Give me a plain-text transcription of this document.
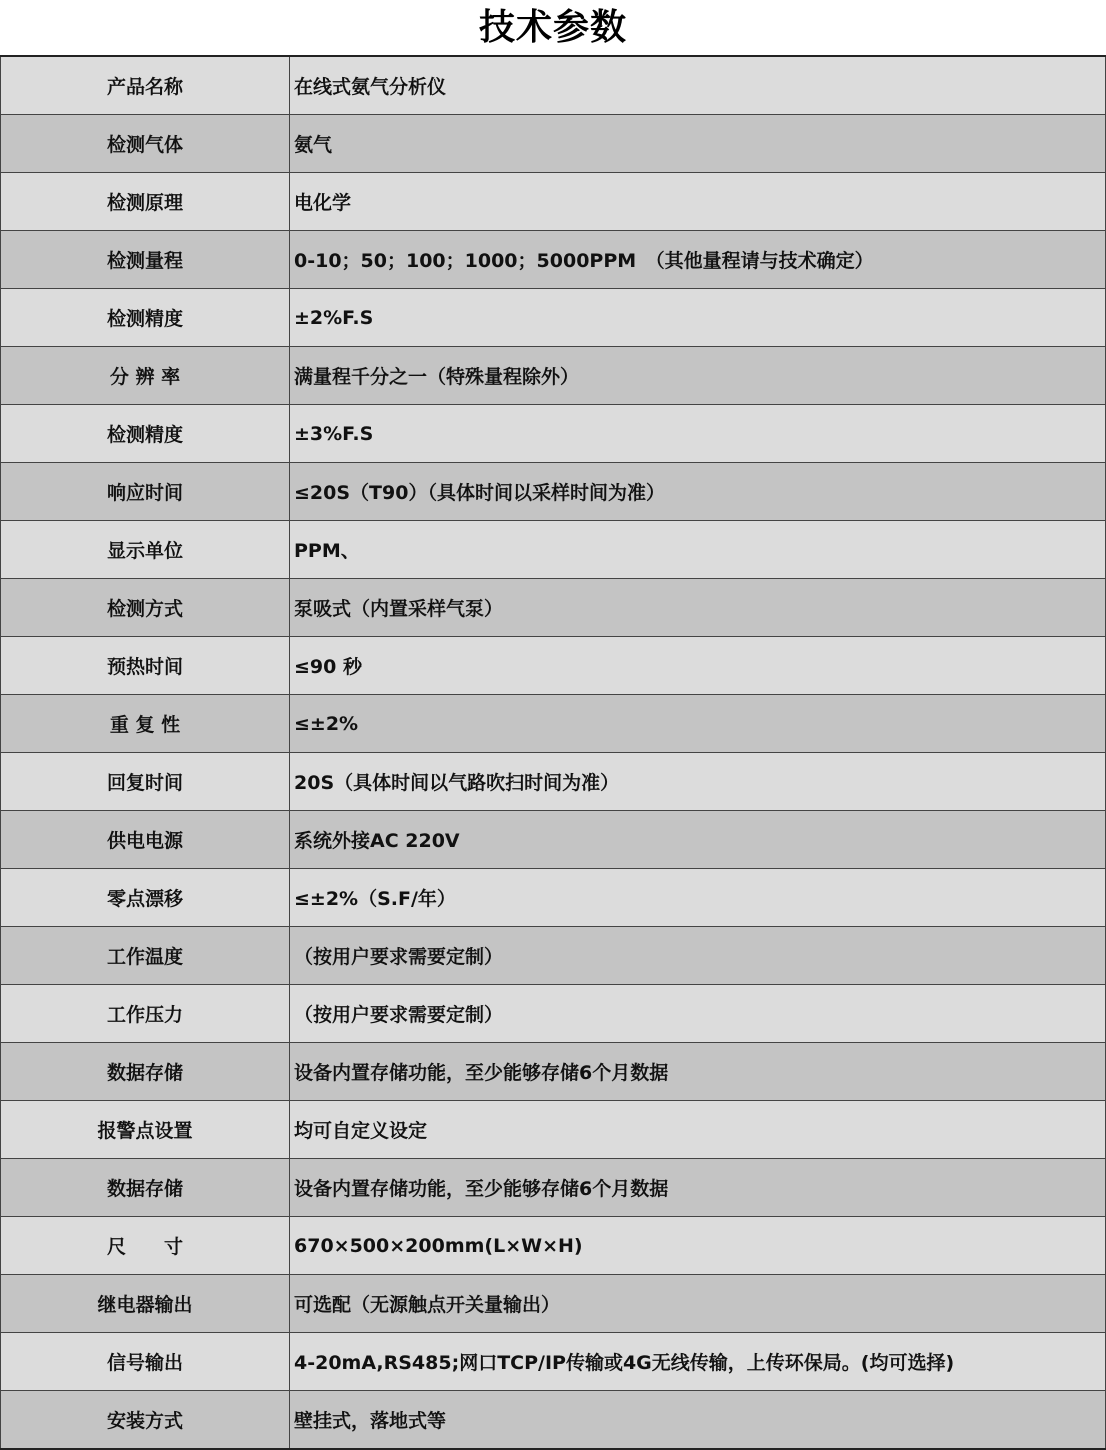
技术参数
产品名称	在线式氨气分析仪
检测气体	氨气
检测原理	电化学
检测量程	0-10；50；100；1000；5000PPM　（其他量程请与技术确定）
检测精度	±2%F.S
分 辨 率	满量程千分之一（特殊量程除外）
检测精度	±3%F.S
响应时间	≤20S（T90）（具体时间以采样时间为准）
显示单位	PPM、
检测方式	泵吸式（内置采样气泵）
预热时间	≤90 秒
重 复 性	≤±2%
回复时间	20S（具体时间以气路吹扫时间为准）
供电电源	系统外接AC 220V
零点漂移	≤±2%（S.F/年）
工作温度	（按用户要求需要定制）
工作压力	（按用户要求需要定制）
数据存储	设备内置存储功能，至少能够存储6个月数据
报警点设置	均可自定义设定
数据存储	设备内置存储功能，至少能够存储6个月数据
尺　　寸	670×500×200mm(L×W×H)
继电器输出	可选配（无源触点开关量输出）
信号输出	4-20mA,RS485;网口TCP/IP传输或4G无线传输，上传环保局。(均可选择)
安装方式	壁挂式，落地式等
